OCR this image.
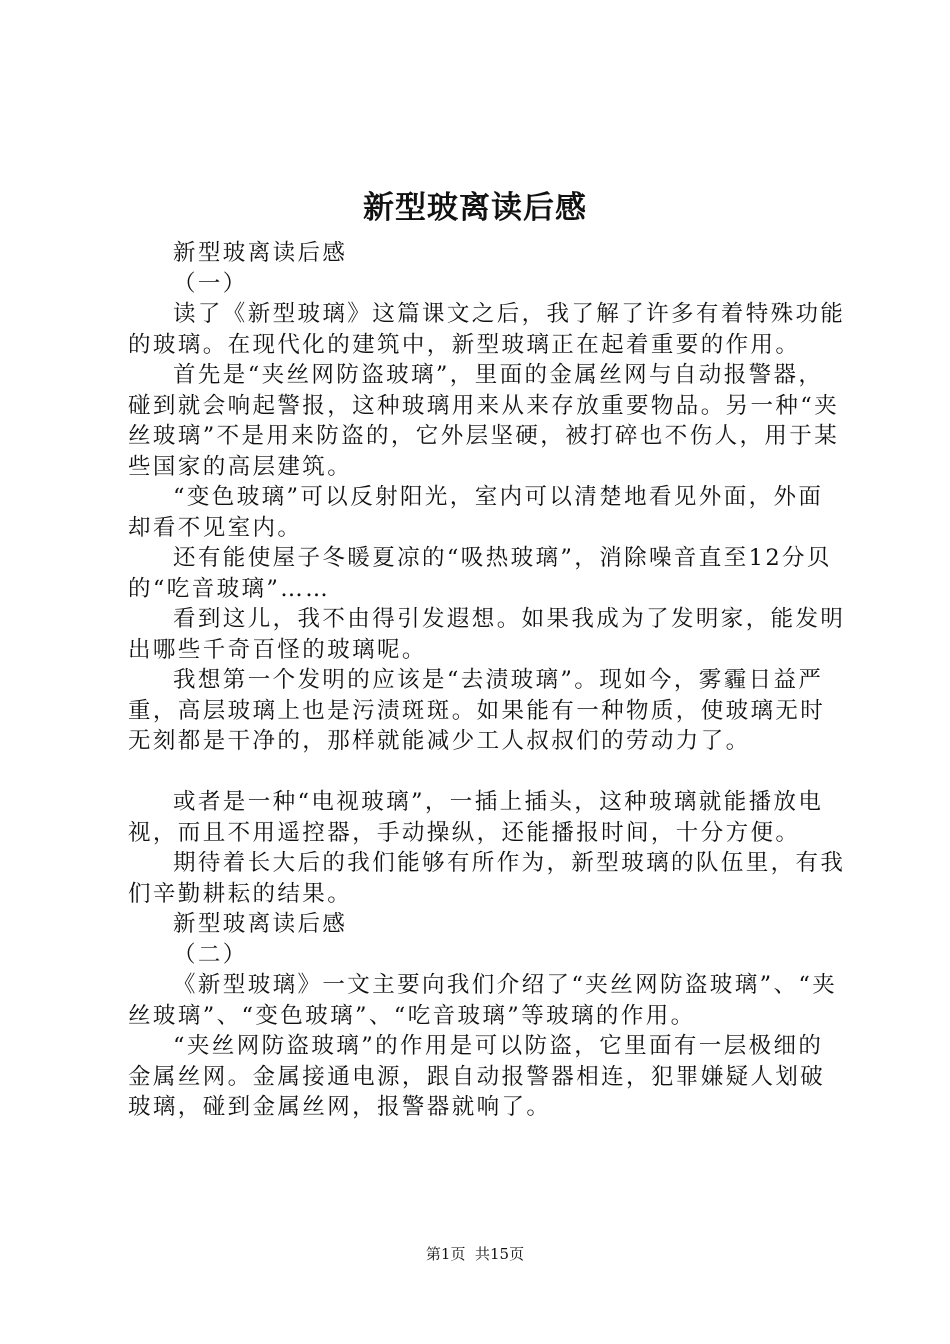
新型玻离读后感

新型玻离读后感

（一）

读了《新型玻璃》这篇课文之后，我了解了许多有着特殊功能的玻璃。在现代化的建筑中，新型玻璃正在起着重要的作用。

首先是“夹丝网防盗玻璃”，里面的金属丝网与自动报警器，碰到就会响起警报，这种玻璃用来从来存放重要物品。另一种“夹丝玻璃”不是用来防盗的，它外层坚硬，被打碎也不伤人，用于某些国家的高层建筑。

“变色玻璃”可以反射阳光，室内可以清楚地看见外面，外面却看不见室内。

还有能使屋子冬暖夏凉的“吸热玻璃”，消除噪音直至12分贝的“吃音玻璃”……

看到这儿，我不由得引发遐想。如果我成为了发明家，能发明出哪些千奇百怪的玻璃呢。

我想第一个发明的应该是“去渍玻璃”。现如今，雾霾日益严重，高层玻璃上也是污渍斑斑。如果能有一种物质，使玻璃无时无刻都是干净的，那样就能减少工人叔叔们的劳动力了。

或者是一种“电视玻璃”，一插上插头，这种玻璃就能播放电视，而且不用遥控器，手动操纵，还能播报时间，十分方便。

期待着长大后的我们能够有所作为，新型玻璃的队伍里，有我们辛勤耕耘的结果。

新型玻离读后感

（二）

《新型玻璃》一文主要向我们介绍了“夹丝网防盗玻璃”、“夹丝玻璃”、“变色玻璃”、“吃音玻璃”等玻璃的作用。

“夹丝网防盗玻璃”的作用是可以防盗，它里面有一层极细的金属丝网。金属接通电源，跟自动报警器相连，犯罪嫌疑人划破玻璃，碰到金属丝网，报警器就响了。

第1页 共15页
